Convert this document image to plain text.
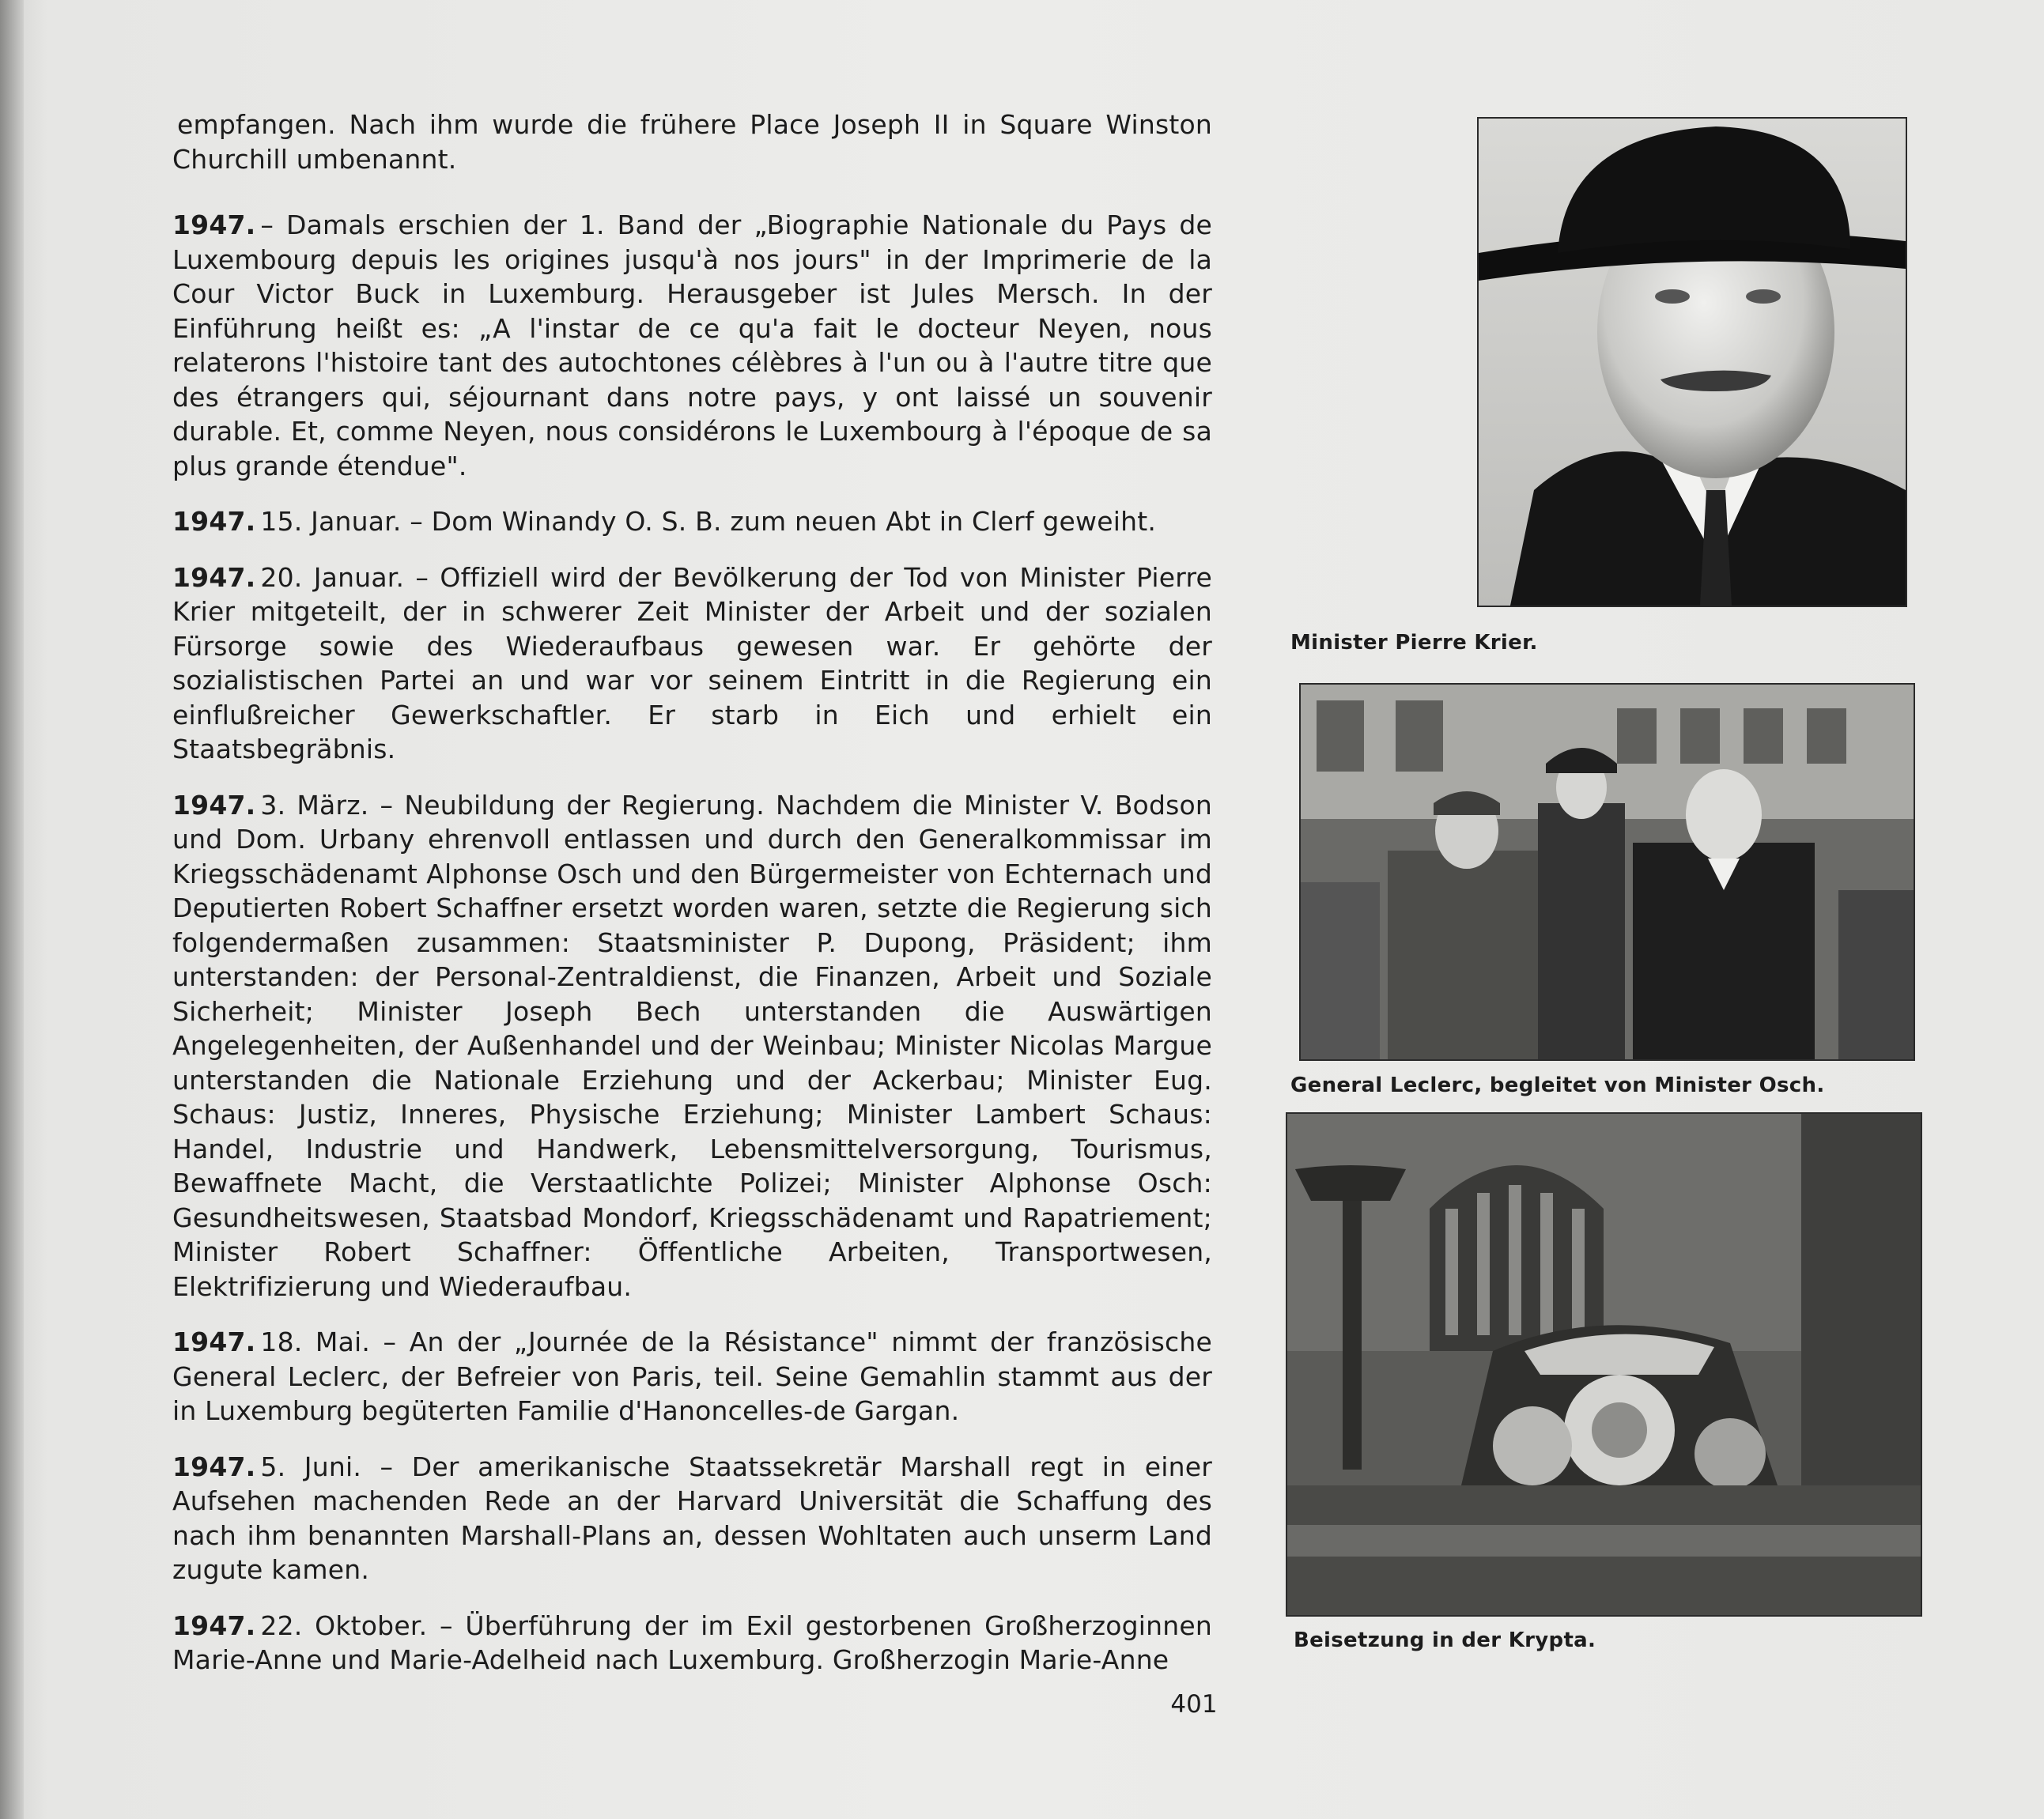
empfangen. Nach ihm wurde die frühere Place Joseph II in Square Winston Churchill umbenannt.

1947. – Damals erschien der 1. Band der „Biographie Nationale du Pays de Luxembourg depuis les origines jusqu'à nos jours" in der Imprimerie de la Cour Victor Buck in Luxemburg. Herausgeber ist Jules Mersch. In der Einführung heißt es: „A l'instar de ce qu'a fait le docteur Neyen, nous relaterons l'histoire tant des autochtones célèbres à l'un ou à l'autre titre que des étrangers qui, séjournant dans notre pays, y ont laissé un souvenir durable. Et, comme Neyen, nous considérons le Luxembourg à l'époque de sa plus grande étendue".

1947. 15. Januar. – Dom Winandy O. S. B. zum neuen Abt in Clerf geweiht.

1947. 20. Januar. – Offiziell wird der Bevölkerung der Tod von Minister Pierre Krier mitgeteilt, der in schwerer Zeit Minister der Arbeit und der sozialen Fürsorge sowie des Wiederaufbaus gewesen war. Er gehörte der sozialistischen Partei an und war vor seinem Eintritt in die Regierung ein einflußreicher Gewerkschaftler. Er starb in Eich und erhielt ein Staatsbegräbnis.

1947. 3. März. – Neubildung der Regierung. Nachdem die Minister V. Bodson und Dom. Urbany ehrenvoll entlassen und durch den Generalkommissar im Kriegsschädenamt Alphonse Osch und den Bürgermeister von Echternach und Deputierten Robert Schaffner ersetzt worden waren, setzte die Regierung sich folgendermaßen zusammen: Staatsminister P. Dupong, Präsident; ihm unterstanden: der Personal-Zentraldienst, die Finanzen, Arbeit und Soziale Sicherheit; Minister Joseph Bech unterstanden die Auswärtigen Angelegenheiten, der Außenhandel und der Weinbau; Minister Nicolas Margue unterstanden die Nationale Erziehung und der Ackerbau; Minister Eug. Schaus: Justiz, Inneres, Physische Erziehung; Minister Lambert Schaus: Handel, Industrie und Handwerk, Lebensmittelversorgung, Tourismus, Bewaffnete Macht, die Verstaatlichte Polizei; Minister Alphonse Osch: Gesundheitswesen, Staatsbad Mondorf, Kriegsschädenamt und Rapatriement; Minister Robert Schaffner: Öffentliche Arbeiten, Transportwesen, Elektrifizierung und Wiederaufbau.

1947. 18. Mai. – An der „Journée de la Résistance" nimmt der französische General Leclerc, der Befreier von Paris, teil. Seine Gemahlin stammt aus der in Luxemburg begüterten Familie d'Hanoncelles-de Gargan.

1947. 5. Juni. – Der amerikanische Staatssekretär Marshall regt in einer Aufsehen machenden Rede an der Harvard Universität die Schaffung des nach ihm benannten Marshall-Plans an, dessen Wohltaten auch unserm Land zugute kamen.

1947. 22. Oktober. – Überführung der im Exil gestorbenen Großherzoginnen Marie-Anne und Marie-Adelheid nach Luxemburg. Großherzogin Marie-Anne

401
Minister Pierre Krier.
General Leclerc, begleitet von Minister Osch.
Beisetzung in der Krypta.
